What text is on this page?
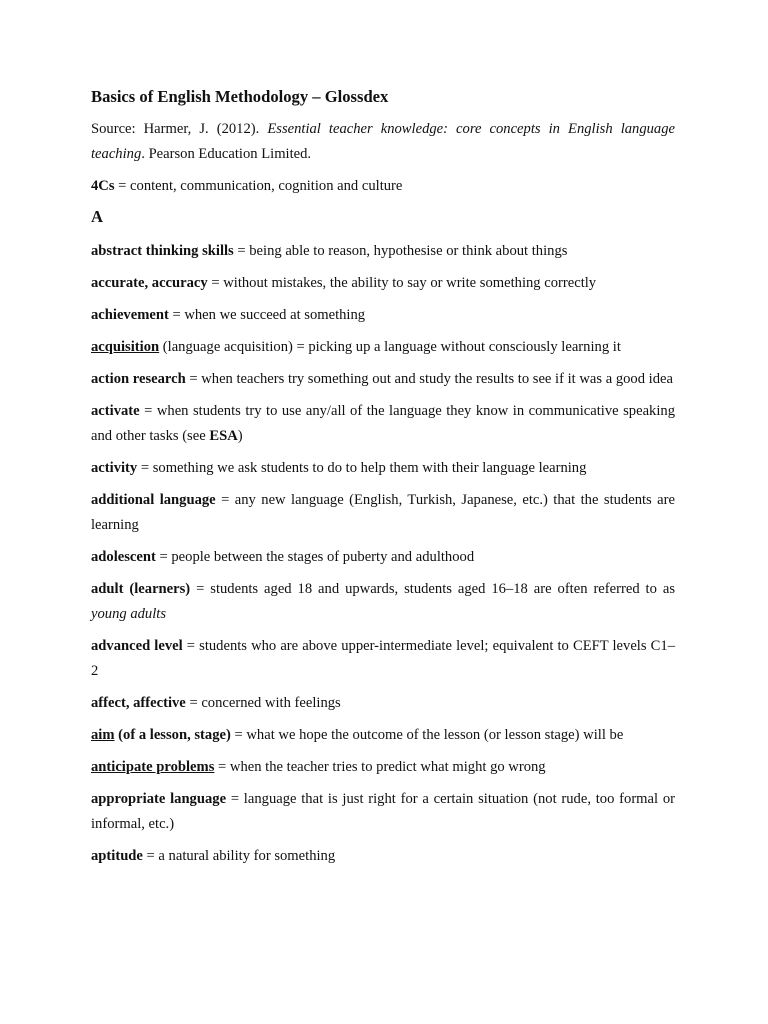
Basics of English Methodology – Glossdex
Source: Harmer, J. (2012). Essential teacher knowledge: core concepts in English language teaching. Pearson Education Limited.
4Cs = content, communication, cognition and culture
A
abstract thinking skills = being able to reason, hypothesise or think about things
accurate, accuracy = without mistakes, the ability to say or write something correctly
achievement = when we succeed at something
acquisition (language acquisition) = picking up a language without consciously learning it
action research = when teachers try something out and study the results to see if it was a good idea
activate = when students try to use any/all of the language they know in communicative speaking and other tasks (see ESA)
activity = something we ask students to do to help them with their language learning
additional language = any new language (English, Turkish, Japanese, etc.) that the students are learning
adolescent = people between the stages of puberty and adulthood
adult (learners) = students aged 18 and upwards, students aged 16–18 are often referred to as young adults
advanced level = students who are above upper-intermediate level; equivalent to CEFT levels C1–2
affect, affective = concerned with feelings
aim (of a lesson, stage) = what we hope the outcome of the lesson (or lesson stage) will be
anticipate problems = when the teacher tries to predict what might go wrong
appropriate language = language that is just right for a certain situation (not rude, too formal or informal, etc.)
aptitude = a natural ability for something
